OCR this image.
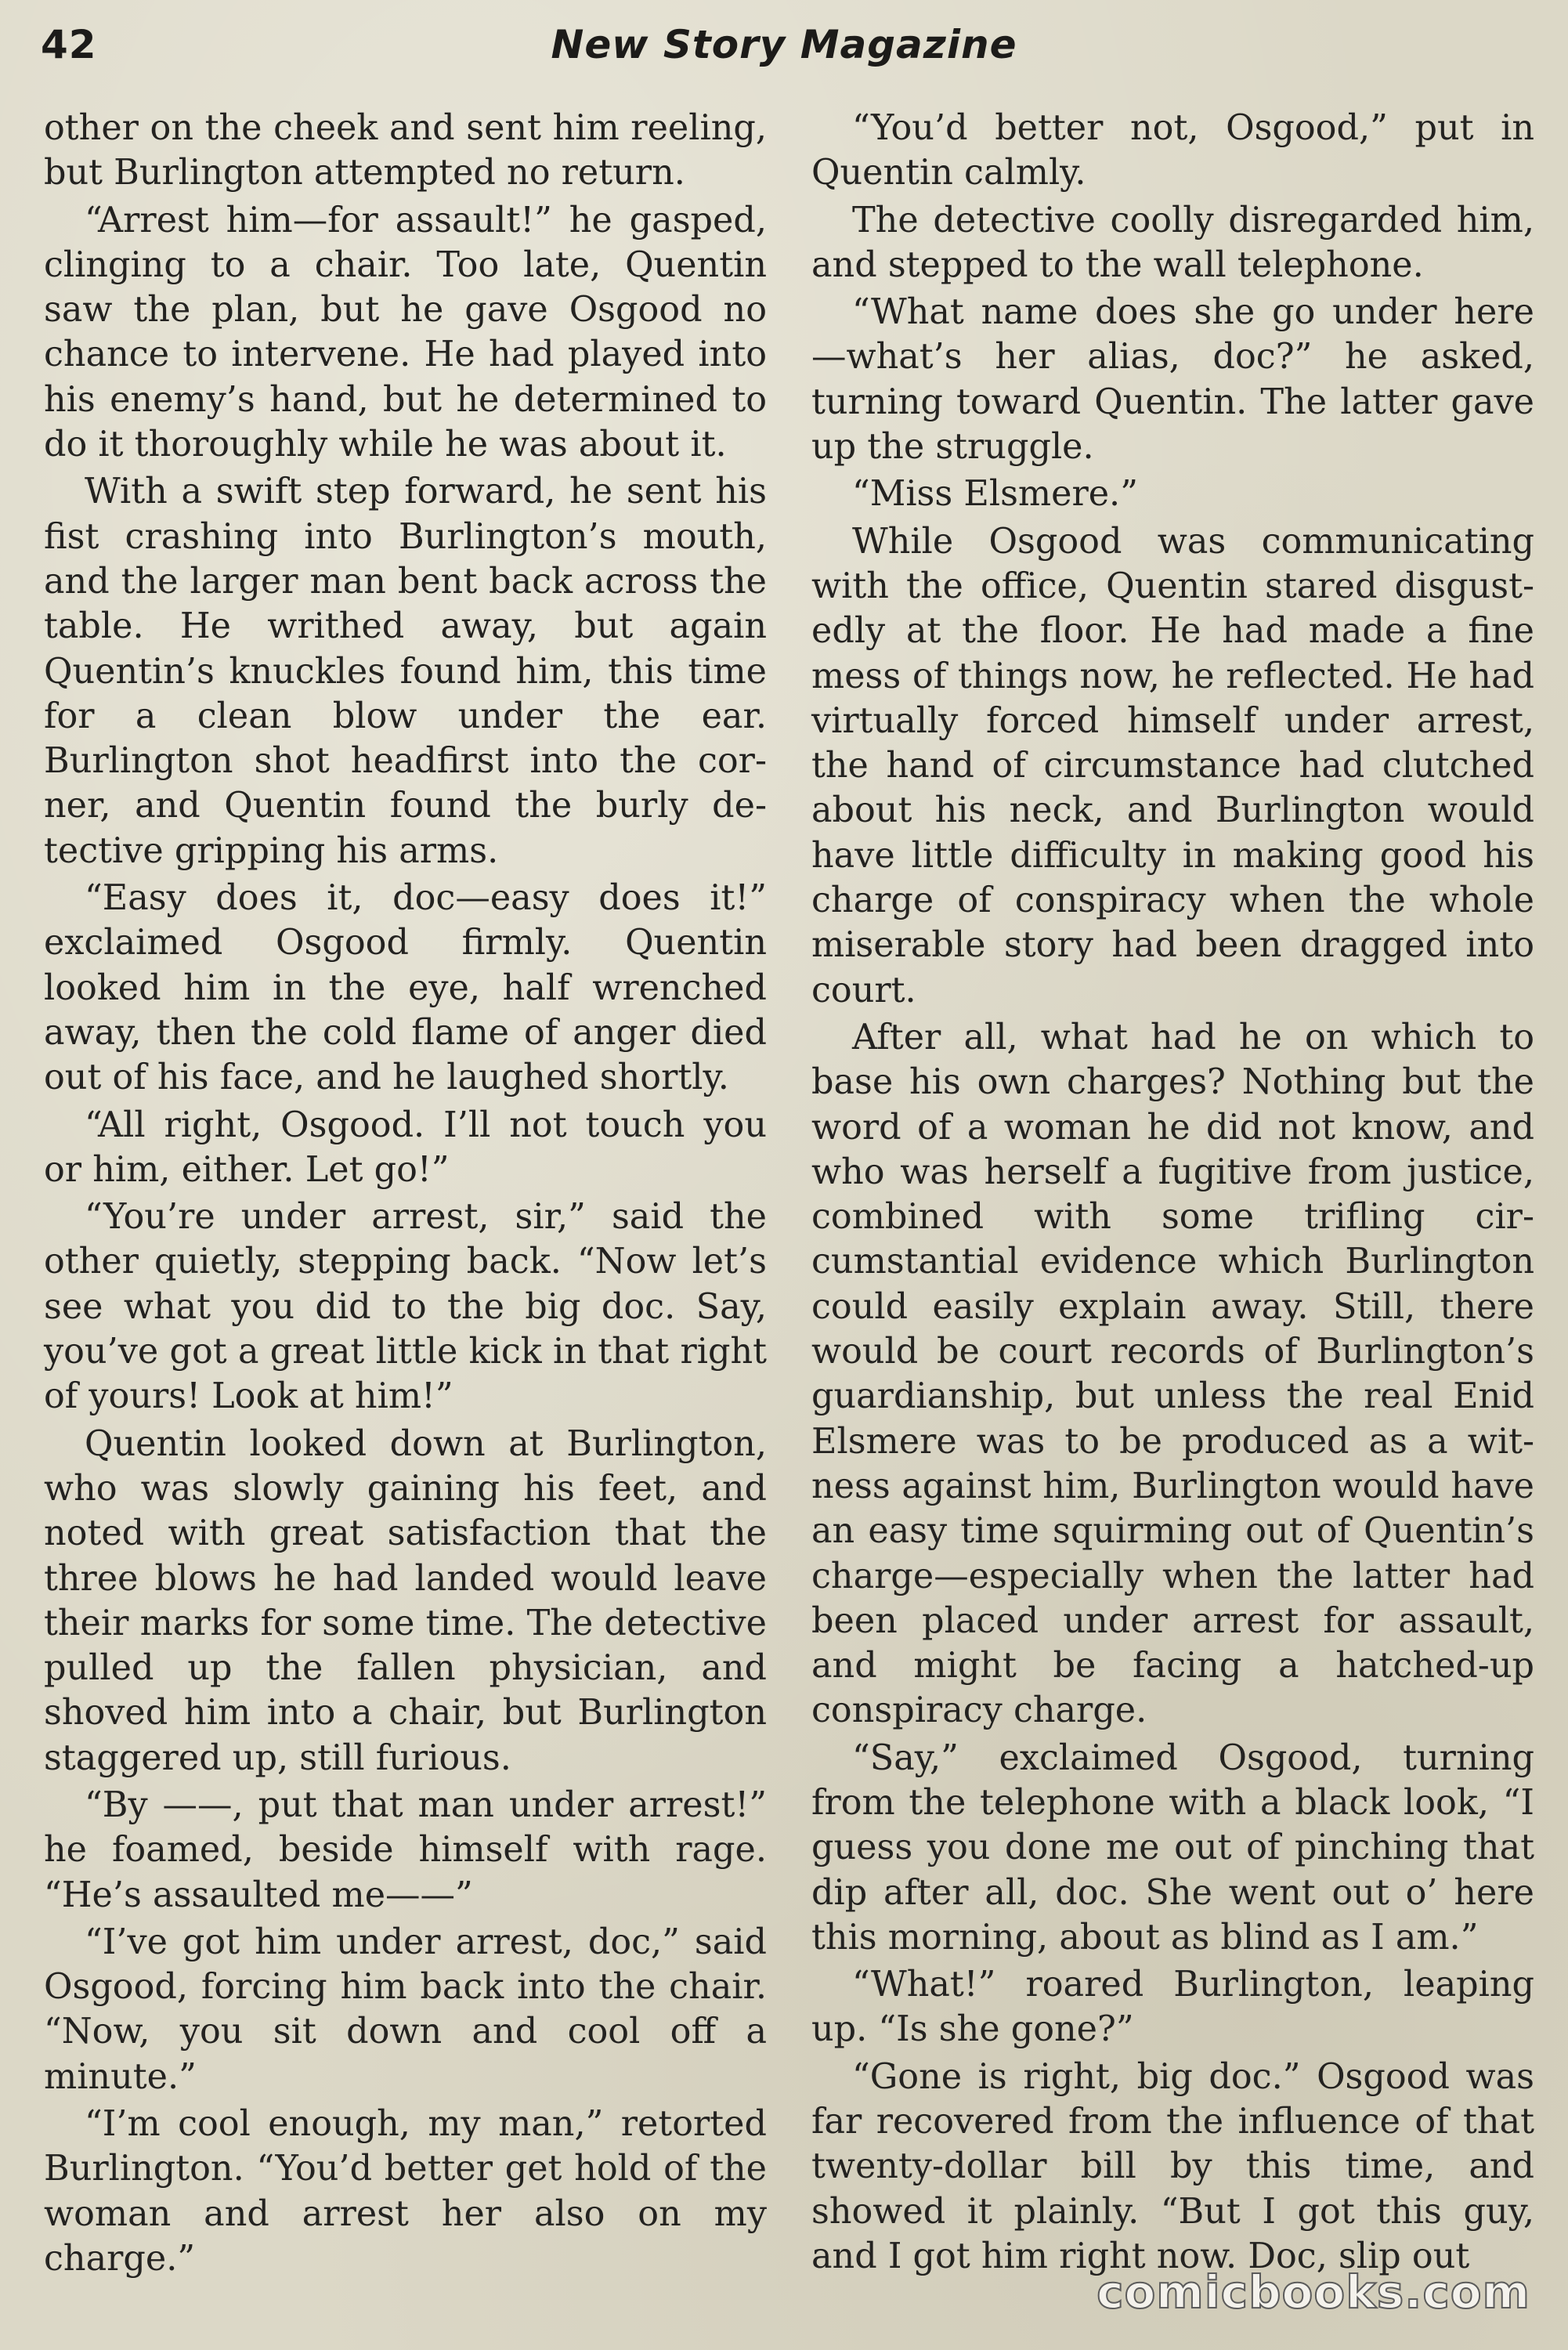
42	New Story Magazine

other on the cheek and sent him reeling, but Burlington attempted no return.

“Arrest him—for assault!” he gasped, clinging to a chair. Too late, Quentin saw the plan, but he gave Osgood no chance to intervene. He had played into his enemy’s hand, but he determined to do it thoroughly while he was about it.

With a swift step forward, he sent his fist crashing into Burlington’s mouth, and the larger man bent back across the table. He writhed away, but again Quentin’s knuckles found him, this time for a clean blow under the ear. Burlington shot headfirst into the corner, and Quentin found the burly detective gripping his arms.

“Easy does it, doc—easy does it!” exclaimed Osgood firmly. Quentin looked him in the eye, half wrenched away, then the cold flame of anger died out of his face, and he laughed shortly.

“All right, Osgood. I’ll not touch you or him, either. Let go!”

“You’re under arrest, sir,” said the other quietly, stepping back. “Now let’s see what you did to the big doc. Say, you’ve got a great little kick in that right of yours! Look at him!”

Quentin looked down at Burlington, who was slowly gaining his feet, and noted with great satisfaction that the three blows he had landed would leave their marks for some time. The detective pulled up the fallen physician, and shoved him into a chair, but Burlington staggered up, still furious.

“By ——, put that man under arrest!” he foamed, beside himself with rage. “He’s assaulted me——”

“I’ve got him under arrest, doc,” said Osgood, forcing him back into the chair. “Now, you sit down and cool off a minute.”

“I’m cool enough, my man,” retorted Burlington. “You’d better get hold of the woman and arrest her also on my charge.”

“You’d better not, Osgood,” put in Quentin calmly.

The detective coolly disregarded him, and stepped to the wall telephone.

“What name does she go under here —what’s her alias, doc?” he asked, turning toward Quentin. The latter gave up the struggle.

“Miss Elsmere.”

While Osgood was communicating with the office, Quentin stared disgustedly at the floor. He had made a fine mess of things now, he reflected. He had virtually forced himself under arrest, the hand of circumstance had clutched about his neck, and Burlington would have little difficulty in making good his charge of conspiracy when the whole miserable story had been dragged into court.

After all, what had he on which to base his own charges? Nothing but the word of a woman he did not know, and who was herself a fugitive from justice, combined with some trifling circumstantial evidence which Burlington could easily explain away. Still, there would be court records of Burlington’s guardianship, but unless the real Enid Elsmere was to be produced as a witness against him, Burlington would have an easy time squirming out of Quentin’s charge—especially when the latter had been placed under arrest for assault, and might be facing a hatched-up conspiracy charge.

“Say,” exclaimed Osgood, turning from the telephone with a black look, “I guess you done me out of pinching that dip after all, doc. She went out o’ here this morning, about as blind as I am.”

“What!” roared Burlington, leaping up. “Is she gone?”

“Gone is right, big doc.” Osgood was far recovered from the influence of that twenty-dollar bill by this time, and showed it plainly. “But I got this guy, and I got him right now. Doc, slip out

comicbooks.com
